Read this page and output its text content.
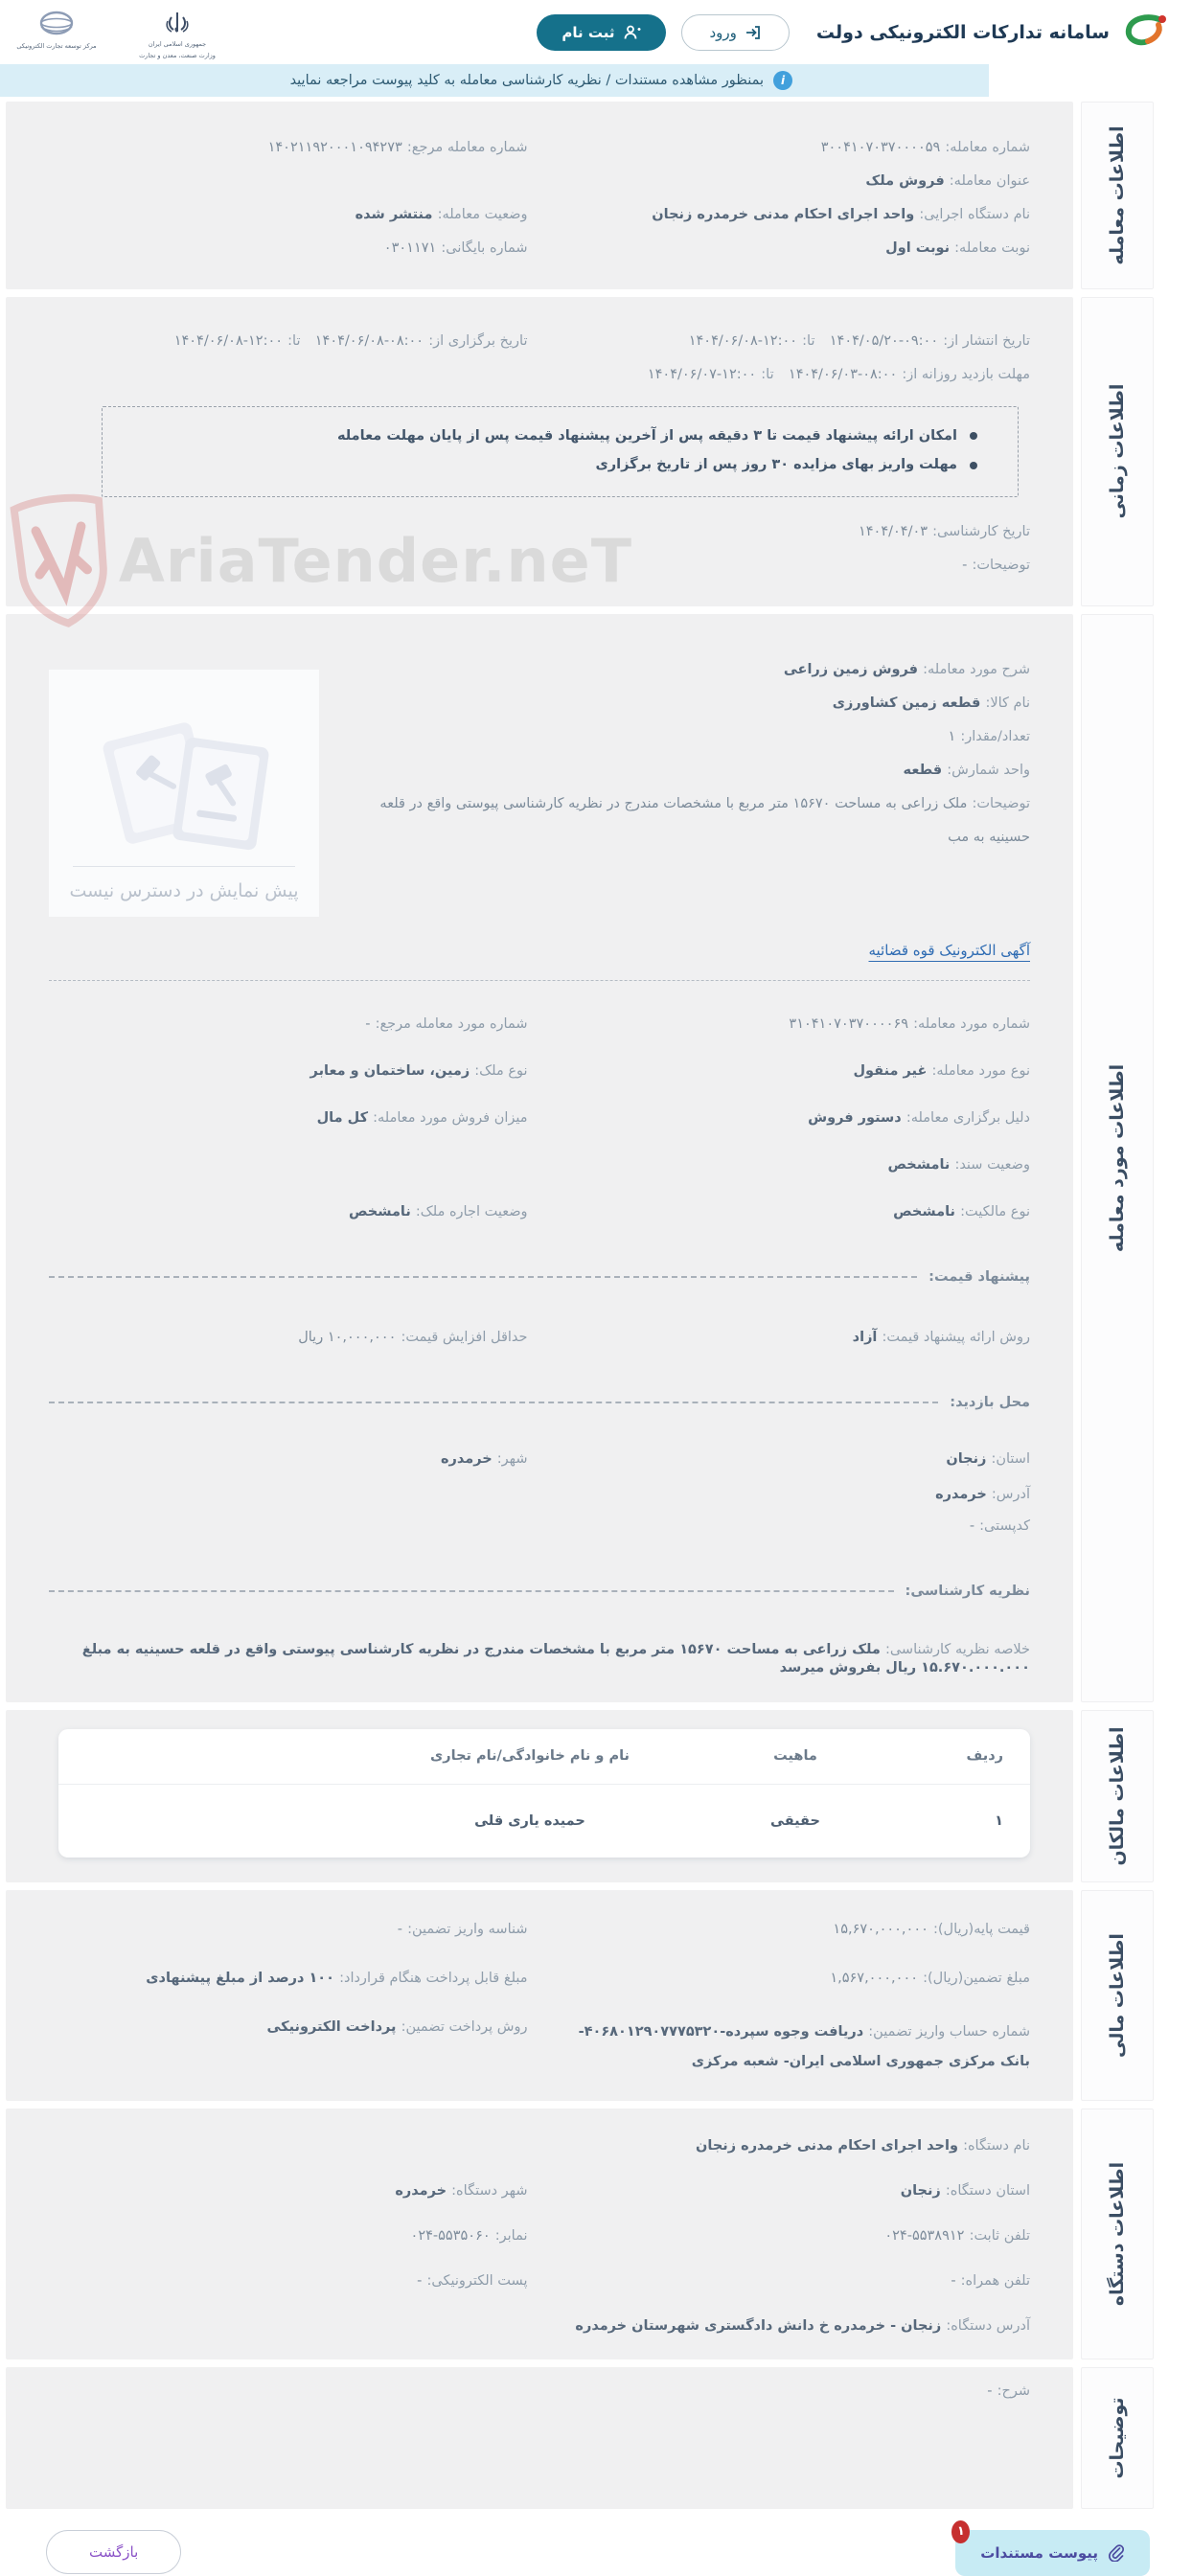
سامانه تدارکات الکترونیکی دولت
ورود
ثبت نام
جمهوری اسلامی ایران
وزارت صنعت، معدن و تجارت
مرکز توسعه تجارت الکترونیکی
i
بمنظور مشاهده مستندات / نظریه کارشناسی معامله به کلید پیوست مراجعه نمایید
اطلاعات معامله
شماره معامله: ۳۰۰۴۱۰۷۰۳۷۰۰۰۰۵۹
شماره معامله مرجع: ۱۴۰۲۱۱۹۲۰۰۰۱۰۹۴۲۷۳
عنوان معامله: فروش ملک
نام دستگاه اجرایی: واحد اجرای احکام مدنی خرمدره زنجان
وضعیت معامله: منتشر شده
نوبت معامله: نوبت اول
شماره بایگانی: ۰۳۰۱۱۷۱
اطلاعات زمانی
تاریخ انتشار از: ۱۴۰۴/۰۵/۲۰-۰۹:۰۰   تا: ۱۴۰۴/۰۶/۰۸-۱۲:۰۰
تاریخ برگزاری از: ۱۴۰۴/۰۶/۰۸-۰۸:۰۰   تا: ۱۴۰۴/۰۶/۰۸-۱۲:۰۰
مهلت بازدید روزانه از: ۱۴۰۴/۰۶/۰۳-۰۸:۰۰   تا: ۱۴۰۴/۰۶/۰۷-۱۲:۰۰
امکان ارائه پیشنهاد قیمت تا ۳ دقیقه پس از آخرین پیشنهاد قیمت پس از پایان مهلت معامله
مهلت واریز بهای مزایده ۳۰ روز پس از تاریخ برگزاری
تاریخ کارشناسی: ۱۴۰۴/۰۴/۰۳
توضیحات: -
اطلاعات مورد معامله
شرح مورد معامله: فروش زمین زراعی
نام کالا: قطعه زمین کشاورزی
تعداد/مقدار: ۱
واحد شمارش: قطعه
توضیحات: ملک زراعی به مساحت ۱۵۶۷۰ متر مربع با مشخصات مندرج در نظریه کارشناسی پیوستی واقع در قلعه حسینیه به مب
پیش نمایش در دسترس نیست
آگهی الکترونیک قوه قضائیه
شماره مورد معامله: ۳۱۰۴۱۰۷۰۳۷۰۰۰۰۶۹
شماره مورد معامله مرجع: -
نوع مورد معامله: غیر منقول
نوع ملک: زمین، ساختمان و معابر
دلیل برگزاری معامله: دستور فروش
میزان فروش مورد معامله: کل مال
وضعیت سند: نامشخص
نوع مالکیت: نامشخص
وضعیت اجاره ملک: نامشخص
پیشنهاد قیمت:
روش ارائه پیشنهاد قیمت: آزاد
حداقل افزایش قیمت: ۱۰,۰۰۰,۰۰۰ ریال
محل بازدید:
استان: زنجان
شهر: خرمدره
آدرس: خرمدره
کدپستی: -
نظریه کارشناسی:
خلاصه نظریه کارشناسی: ملک زراعی به مساحت ۱۵۶۷۰ متر مربع با مشخصات مندرج در نظریه کارشناسی پیوستی واقع در قلعه حسینیه به مبلغ ۱۵.۶۷۰.۰۰۰.۰۰۰ ریال بفروش میرسد
اطلاعات مالکان
ردیف
ماهیت
نام و نام خانوادگی/نام تجاری
۱
حقیقی
حمیده یاری قلی
اطلاعات مالی
قیمت پایه(ریال): ۱۵,۶۷۰,۰۰۰,۰۰۰
شناسه واریز تضمین: -
مبلغ تضمین(ریال): ۱,۵۶۷,۰۰۰,۰۰۰
مبلغ قابل پرداخت هنگام قرارداد: ۱۰۰ درصد از مبلغ پیشنهادی
شماره حساب واریز تضمین: دریافت وجوه سپرده-۴۰۶۸۰۱۲۹۰۷۷۷۵۳۲۰- بانک مرکزی جمهوری اسلامی ایران- شعبه مرکزی
روش پرداخت تضمین: پرداخت الکترونیکی
اطلاعات دستگاه
نام دستگاه: واحد اجرای احکام مدنی خرمدره زنجان
استان دستگاه: زنجان
شهر دستگاه: خرمدره
تلفن ثابت: ۰۲۴-۵۵۳۸۹۱۲
نمابر: ۰۲۴-۵۵۳۵۰۶۰
تلفن همراه: -
پست الکترونیکی: -
آدرس دستگاه: زنجان - خرمدره خ دانش دادگستری شهرستان خرمدره
توضیحات
شرح: -
۱
پیوست مستندات
بازگشت
AriaTender.neT
